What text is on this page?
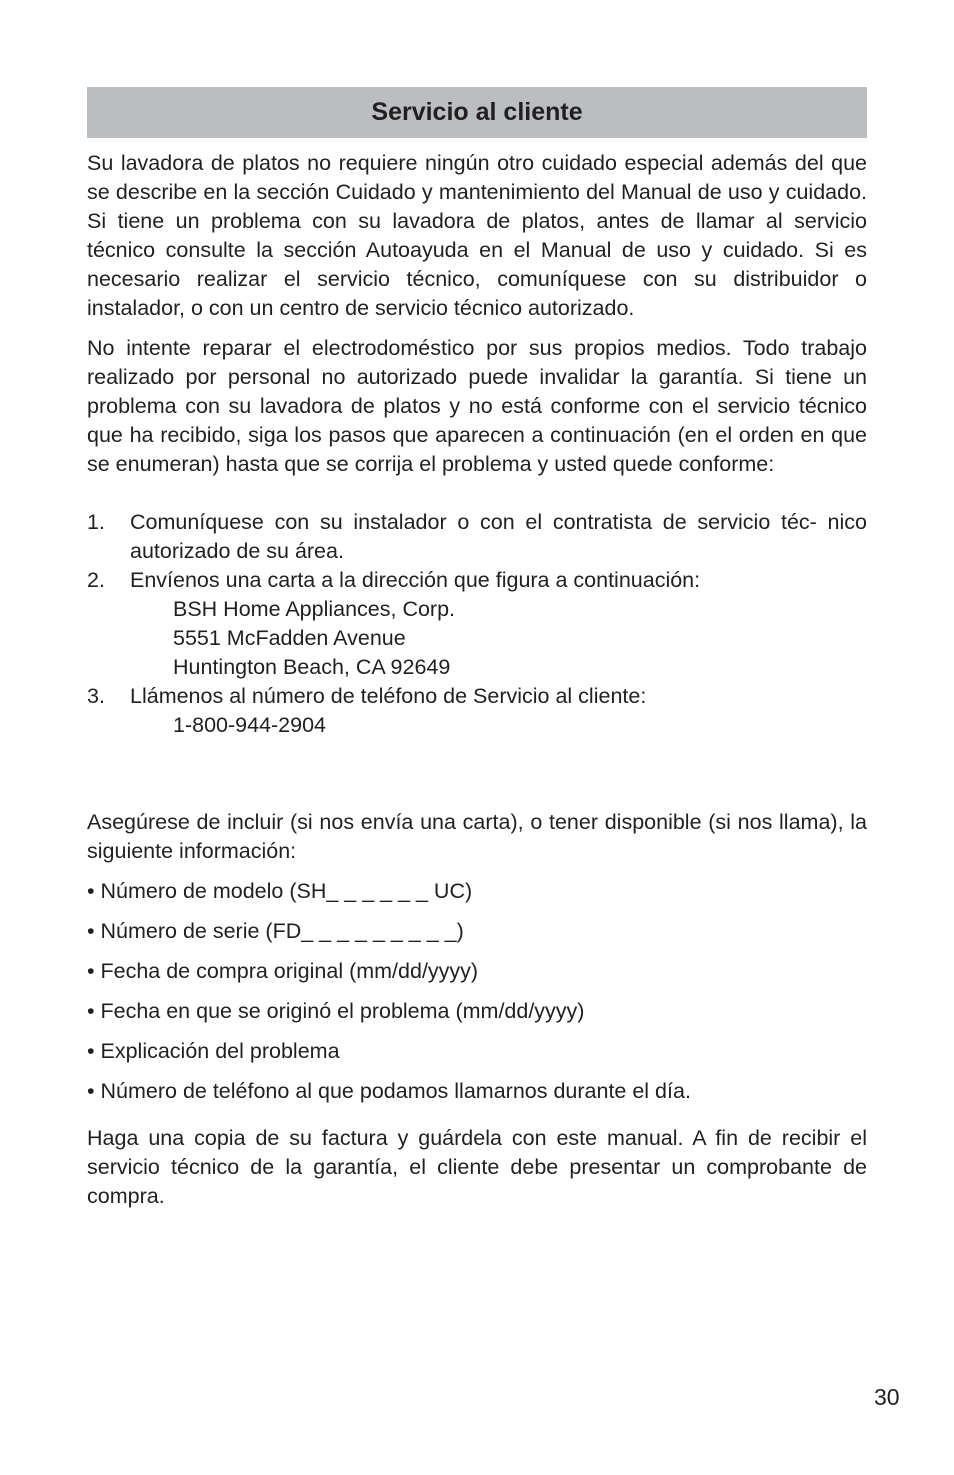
Servicio al cliente

Su lavadora de platos no requiere ningún otro cuidado especial además del que se describe en la sección Cuidado y mantenimiento del Manual de uso y cuidado. Si tiene un problema con su lavadora de platos, antes de llamar al servicio técnico consulte la sección Autoayuda en el Manual de uso y cuidado. Si es necesario realizar el servicio técnico, comuníquese con su distribuidor o instalador, o con un centro de servicio técnico autorizado.

No intente reparar el electrodoméstico por sus propios medios. Todo trabajo realizado por personal no autorizado puede invalidar la garantía. Si tiene un problema con su lavadora de platos y no está conforme con el servicio técnico que ha recibido, siga los pasos que aparecen a continuación (en el orden en que se enumeran) hasta que se corrija el problema y usted quede conforme:

1.	Comuníquese con su instalador o con el contratista de servicio téc- nico autorizado de su área.
2.	Envíenos una carta a la dirección que figura a continuación:
BSH Home Appliances, Corp.
5551 McFadden Avenue
Huntington Beach, CA 92649
3.	Llámenos al número de teléfono de Servicio al cliente:
1-800-944-2904

Asegúrese de incluir (si nos envía una carta), o tener disponible (si nos llama), la siguiente información:

• Número de modelo (SH_ _ _ _ _ _ UC)
• Número de serie (FD_ _ _ _ _ _ _ _ _)
• Fecha de compra original (mm/dd/yyyy)
• Fecha en que se originó el problema (mm/dd/yyyy)
• Explicación del problema
• Número de teléfono al que podamos llamarnos durante el día.

Haga una copia de su factura y guárdela con este manual. A fin de recibir el servicio técnico de la garantía, el cliente debe presentar un comprobante de compra.

30
